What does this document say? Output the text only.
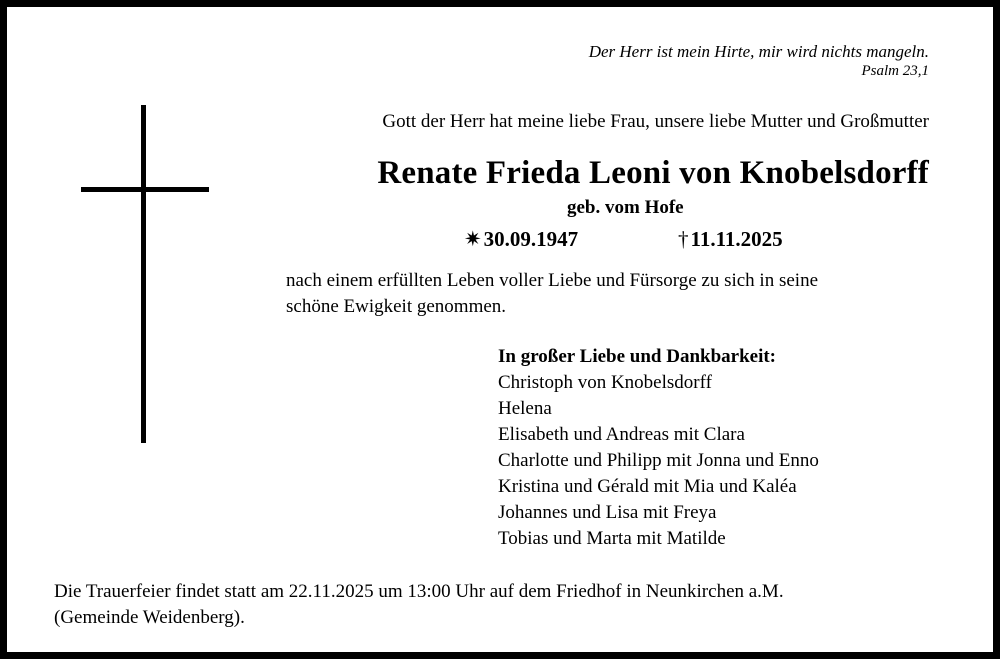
Der Herr ist mein Hirte, mir wird nichts mangeln.
Psalm 23,1
Gott der Herr hat meine liebe Frau, unsere liebe Mutter und Großmutter
Renate Frieda Leoni von Knobelsdorff
geb. vom Hofe
✷30.09.1947	†11.11.2025
nach einem erfüllten Leben voller Liebe und Fürsorge zu sich in seine
schöne Ewigkeit genommen.
In großer Liebe und Dankbarkeit:
Christoph von Knobelsdorff
Helena
Elisabeth und Andreas mit Clara
Charlotte und Philipp mit Jonna und Enno
Kristina und Gérald mit Mia und Kaléa
Johannes und Lisa mit Freya
Tobias und Marta mit Matilde
Die Trauerfeier findet statt am 22.11.2025 um 13:00 Uhr auf dem Friedhof in Neunkirchen a.M.
(Gemeinde Weidenberg).
